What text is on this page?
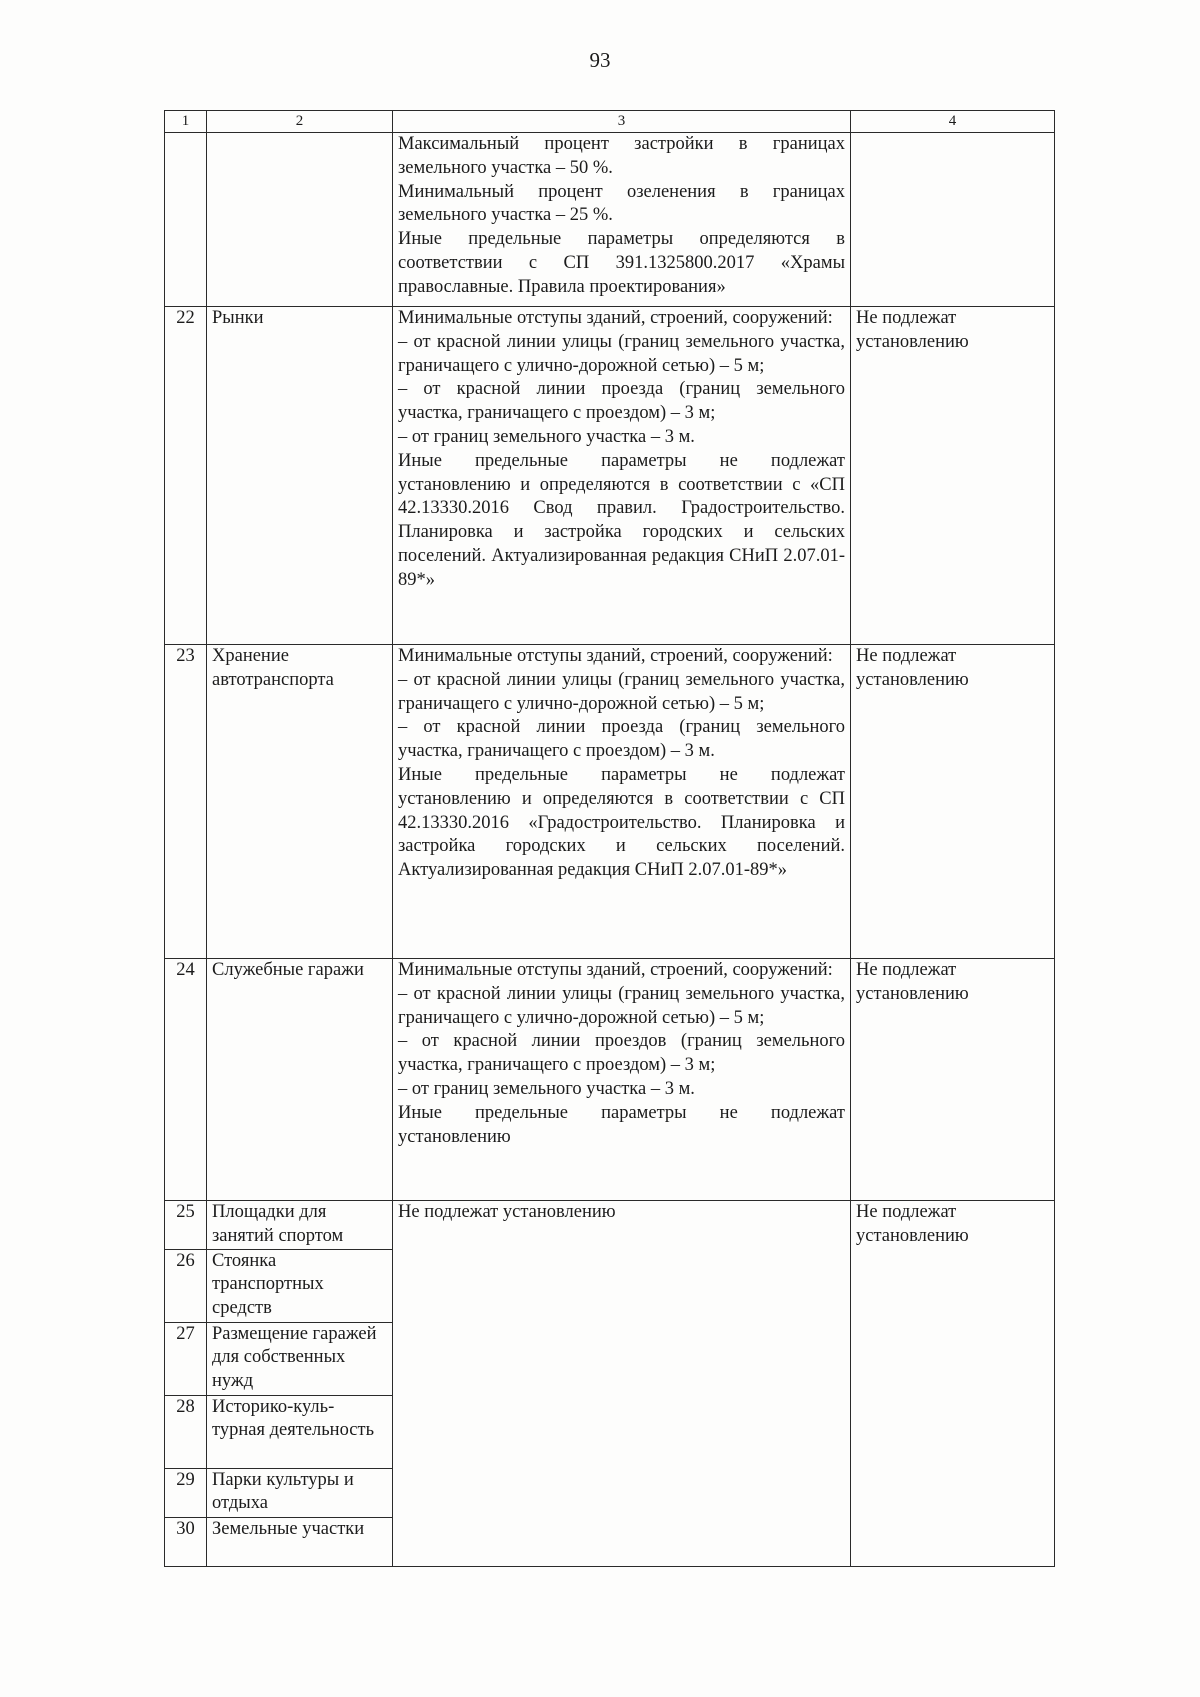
93
1	2	3	4

		Максимальный процент застройки в границах земельного участка – 50 %.

Минимальный процент озеленения в границах земельного участка – 25 %.

Иные предельные параметры определяются в соответствии с СП 391.1325800.2017 «Храмы православные. Правила проектирования»	

22	Рынки	Минимальные отступы зданий, строений, сооружений:

– от красной линии улицы (границ земельного участка, граничащего с улично-дорожной сетью) – 5 м;

– от красной линии проезда (границ земельного участка, граничащего с проездом) – 3 м;

– от границ земельного участка – 3 м.

Иные предельные параметры не подлежат установлению и определяются в соответствии с «СП 42.13330.2016 Свод правил. Градостроительство. Планировка и застройка городских и сельских поселений. Актуализированная редакция СНиП 2.07.01-89*»	Не подлежат установлению
23	Хранение автотранспорта	Минимальные отступы зданий, строений, сооружений:

– от красной линии улицы (границ земельного участка, граничащего с улично-дорожной сетью) – 5 м;

– от красной линии проезда (границ земельного участка, граничащего с проездом) – 3 м.

Иные предельные параметры не подлежат установлению и определяются в соответствии с СП 42.13330.2016 «Градостроительство. Планировка и застройка городских и сельских поселений. Актуализированная редакция СНиП 2.07.01-89*»	Не подлежат установлению
24	Служебные гаражи	Минимальные отступы зданий, строений, сооружений:

– от красной линии улицы (границ земельного участка, граничащего с улично-дорожной сетью) – 5 м;

– от красной линии проездов (границ земельного участка, граничащего с проездом) – 3 м;

– от границ земельного участка – 3 м.

Иные предельные параметры не подлежат установлению	Не подлежат установлению
25	Площадки для занятий спортом	Не подлежат установлению	Не подлежат установлению
26	Стоянка транспортных средств		
27	Размещение гаражей для собственных нужд		
28	Историко-куль-турная деятельность		
29	Парки культуры и отдыха		
30	Земельные участки		
